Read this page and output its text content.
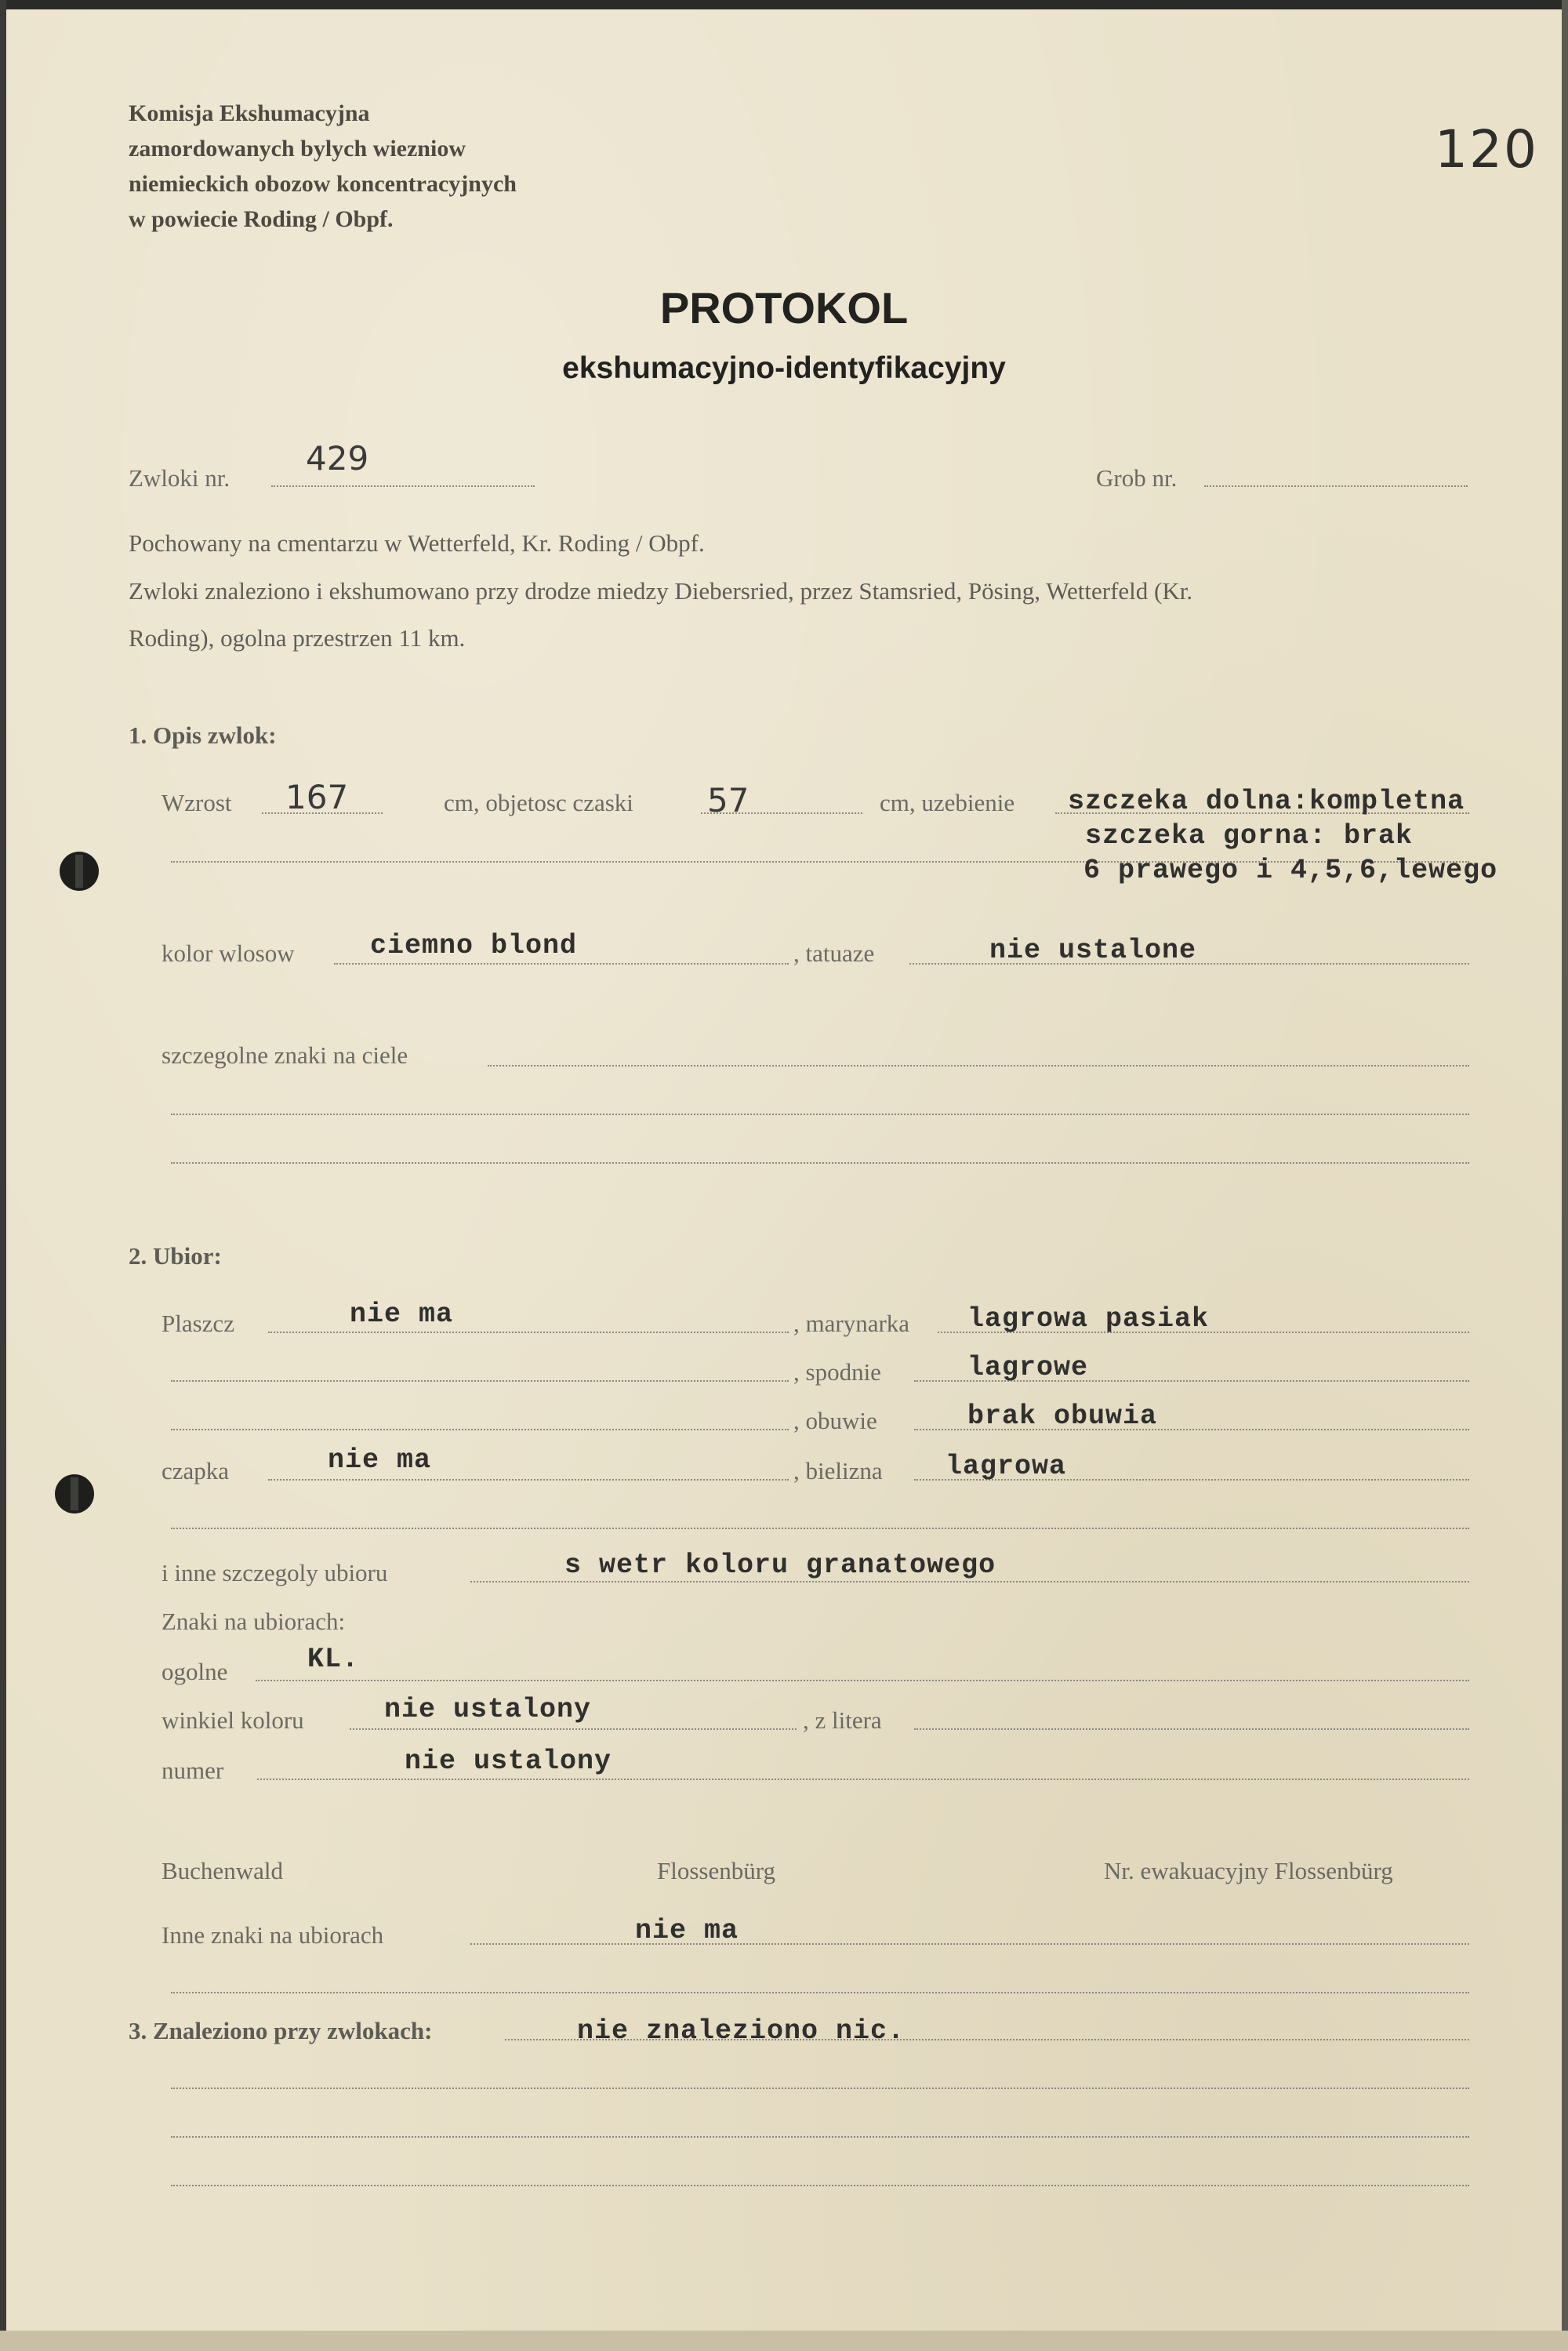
Komisja Ekshumacyjna
zamordowanych bylych wiezniow
niemieckich obozow koncentracyjnych
w powiecie Roding / Obpf.
120
PROTOKOL
ekshumacyjno-identyfikacyjny
Zwloki nr.
429
Grob nr.
Pochowany na cmentarzu w Wetterfeld, Kr. Roding / Obpf.
Zwloki znaleziono i ekshumowano przy drodze miedzy Diebersried, przez Stamsried, Pösing, Wetterfeld (Kr.
Roding), ogolna przestrzen 11 km.
1. Opis zwlok:
Wzrost 167	cm, objetosc czaski 57	cm, uzebienie szczeka dolna:kompletna
szczeka gorna: brak
6 prawego i 4,5,6,lewego
kolor wlosow	ciemno blond	, tatuaze	nie ustalone
szczegolne znaki na ciele
2. Ubior:
Plaszcz	nie ma	, marynarka lagrowa pasiak
, spodnie	lagrowe
, obuwie	brak obuwia
czapka	nie ma	, bielizna lagrowa
i inne szczegoly ubioru	s wetr koloru granatowego
Znaki na ubiorach:
ogolne	KL.
winkiel koloru	nie ustalony	, z litera
numer	nie ustalony
Buchenwald	Flossenbürg	Nr. ewakuacyjny Flossenbürg
Inne znaki na ubiorach	nie ma
3. Znaleziono przy zwlokach:	nie znaleziono nic.
